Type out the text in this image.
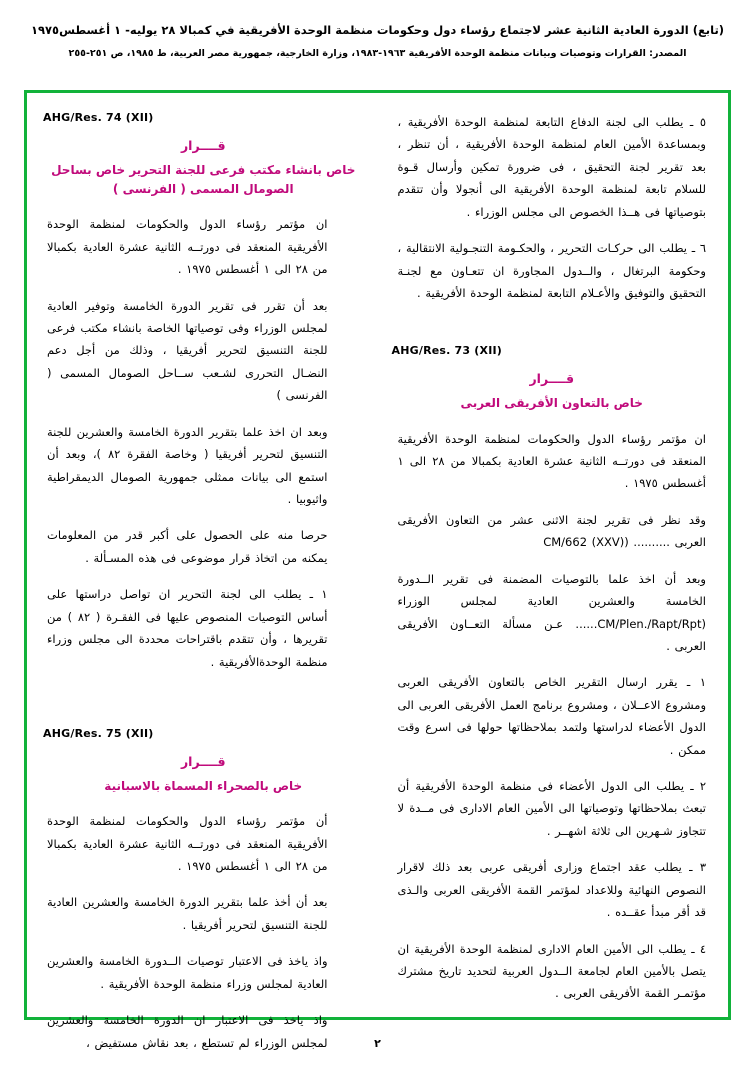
(تابع) الدورة العادية الثانية عشر لاجتماع رؤساء دول وحكومات منظمة الوحدة الأفريقية في كمبالا ٢٨ يوليه- ١ أغسطس١٩٧٥
المصدر: القرارات وتوصيات وبيانات منظمة الوحدة الأفريقية ١٩٦٣-١٩٨٣، وزارة الخارجية، جمهورية مصر العربية، ط ١٩٨٥، ص ٢٥١-٢٥٥

٥ ـ يطلب الى لجنة الدفاع التابعة لمنظمة الوحدة الأفريقية ، وبمساعدة الأمين العام لمنظمة الوحدة الأفريقية ، أن تنظر ، بعد تقرير لجنة التحقيق ، فى ضرورة تمكين وأرسال قـوة للسلام تابعة لمنظمة الوحدة الأفريقية الى أنجولا وأن تتقدم بتوصياتها فى هــذا الخصوص الى مجلس الوزراء .

٦ ـ يطلب الى حركـات التحرير ، والحكـومة التنجـولية الانتقالية ، وحكومة البرتغال ، والــدول المجاورة ان تتعـاون مع لجنـة التحقيق والتوفيق والأعـلام التابعة لمنظمة الوحدة الأفريقية .

AHG/Res. 73 (XII)
قــــرار
خاص بالتعاون الأفريقى العربى

ان مؤتمر رؤساء الدول والحكومات لمنظمة الوحدة الأفريقية المنعقد فى دورتــه الثانية عشرة العادية بكمبالا من ٢٨ الى ١ أغسطس ١٩٧٥ .

وقد نظر فى تقرير لجنة الاثنى عشر من التعاون الأفريقى العربى .......... (CM/662 (XXV)

وبعد أن اخذ علما بالتوصيات المضمنة فى تقرير الــدورة الخامسة والعشرين العادية لمجلس الوزراء (CM/Plen./Rapt/Rpt...... عـن مسألة التعــاون الأفريقى العربى .

١ ـ يقرر ارسال التقرير الخاص بالتعاون الأفريقى العربى ومشروع الاعــلان ، ومشروع برنامج العمل الأفريقى العربى الى الدول الأعضاء لدراستها ولتمد بملاحظاتها حولها فى اسرع وقت ممكن .

٢ ـ يطلب الى الدول الأعضاء فى منظمة الوحدة الأفريقية أن تبعث بملاحظاتها وتوصياتها الى الأمين العام الادارى فى مــدة لا تتجاوز شـهرين الى ثلاثة اشهــر .

٣ ـ يطلب عقد اجتماع وزارى أفريقى عربى بعد ذلك لاقرار النصوص النهائية وللاعداد لمؤتمر القمة الأفريقى العربى والـذى قد أقر مبدأ عقــده .

٤ ـ يطلب الى الأمين العام الادارى لمنظمة الوحدة الأفريقية ان يتصل بالأمين العام لجامعة الــدول العربية لتحديد تاريخ مشترك مؤتمـر القمة الأفريقى العربى .

AHG/Res. 74 (XII)
قــــرار
خاص بانشاء مكتب فرعى للجنة التحرير خاص بساحل الصومال المسمى ( الفرنسى )

ان مؤتمر رؤساء الدول والحكومات لمنظمة الوحدة الأفريقية المنعقد فى دورتــه الثانية عشرة العادية بكمبالا من ٢٨ الى ١ أغسطس ١٩٧٥ .

بعد أن تقرر فى تقرير الدورة الخامسة وتوفير العادية لمجلس الوزراء وفى توصياتها الخاصة بانشاء مكتب فرعى للجنة التنسيق لتحرير أفريقيا ، وذلك من أجل دعم النضـال التحررى لشـعب ســاحل الصومال المسمى ( الفرنسى )

وبعد ان اخذ علما بتقرير الدورة الخامسة والعشرين للجنة التنسيق لتحرير أفريقيا ( وخاصة الفقرة ٨٢ )، وبعد أن استمع الى بيانات ممثلى جمهورية الصومال الديمقراطية واثيوبيا .

حرصا منه على الحصول على أكبر قدر من المعلومات يمكنه من اتخاذ قرار موضوعى فى هذه المسـألة .

١ ـ يطلب الى لجنة التحرير ان تواصل دراستها على أساس التوصيات المنصوص عليها فى الفقـرة ( ٨٢ ) من تقريرها ، وأن تتقدم باقتراحات محددة الى مجلس وزراء منظمة الوحدةالأفريقية .

AHG/Res. 75 (XII)
قــــرار
خاص بالصحراء المسماة بالاسبانية

أن مؤتمر رؤساء الدول والحكومات لمنظمة الوحدة الأفريقية المنعقد فى دورتــه الثانية عشرة العادية بكمبالا من ٢٨ الى ١ أغسطس ١٩٧٥ .

بعد أن أخذ علما بتقرير الدورة الخامسة والعشرين العادية للجنة التنسيق لتحرير أفريقيا .

واذ ياخذ فى الاعتبار توصيات الــدورة الخامسة والعشرين العادية لمجلس وزراء منظمة الوحدة الأفريقية .

واذ ياخذ فى الاعتبار ان الدورة الخامسة والعشرين لمجلس الوزراء لم تستطع ، بعد نقاش مستفيض ،	٢
